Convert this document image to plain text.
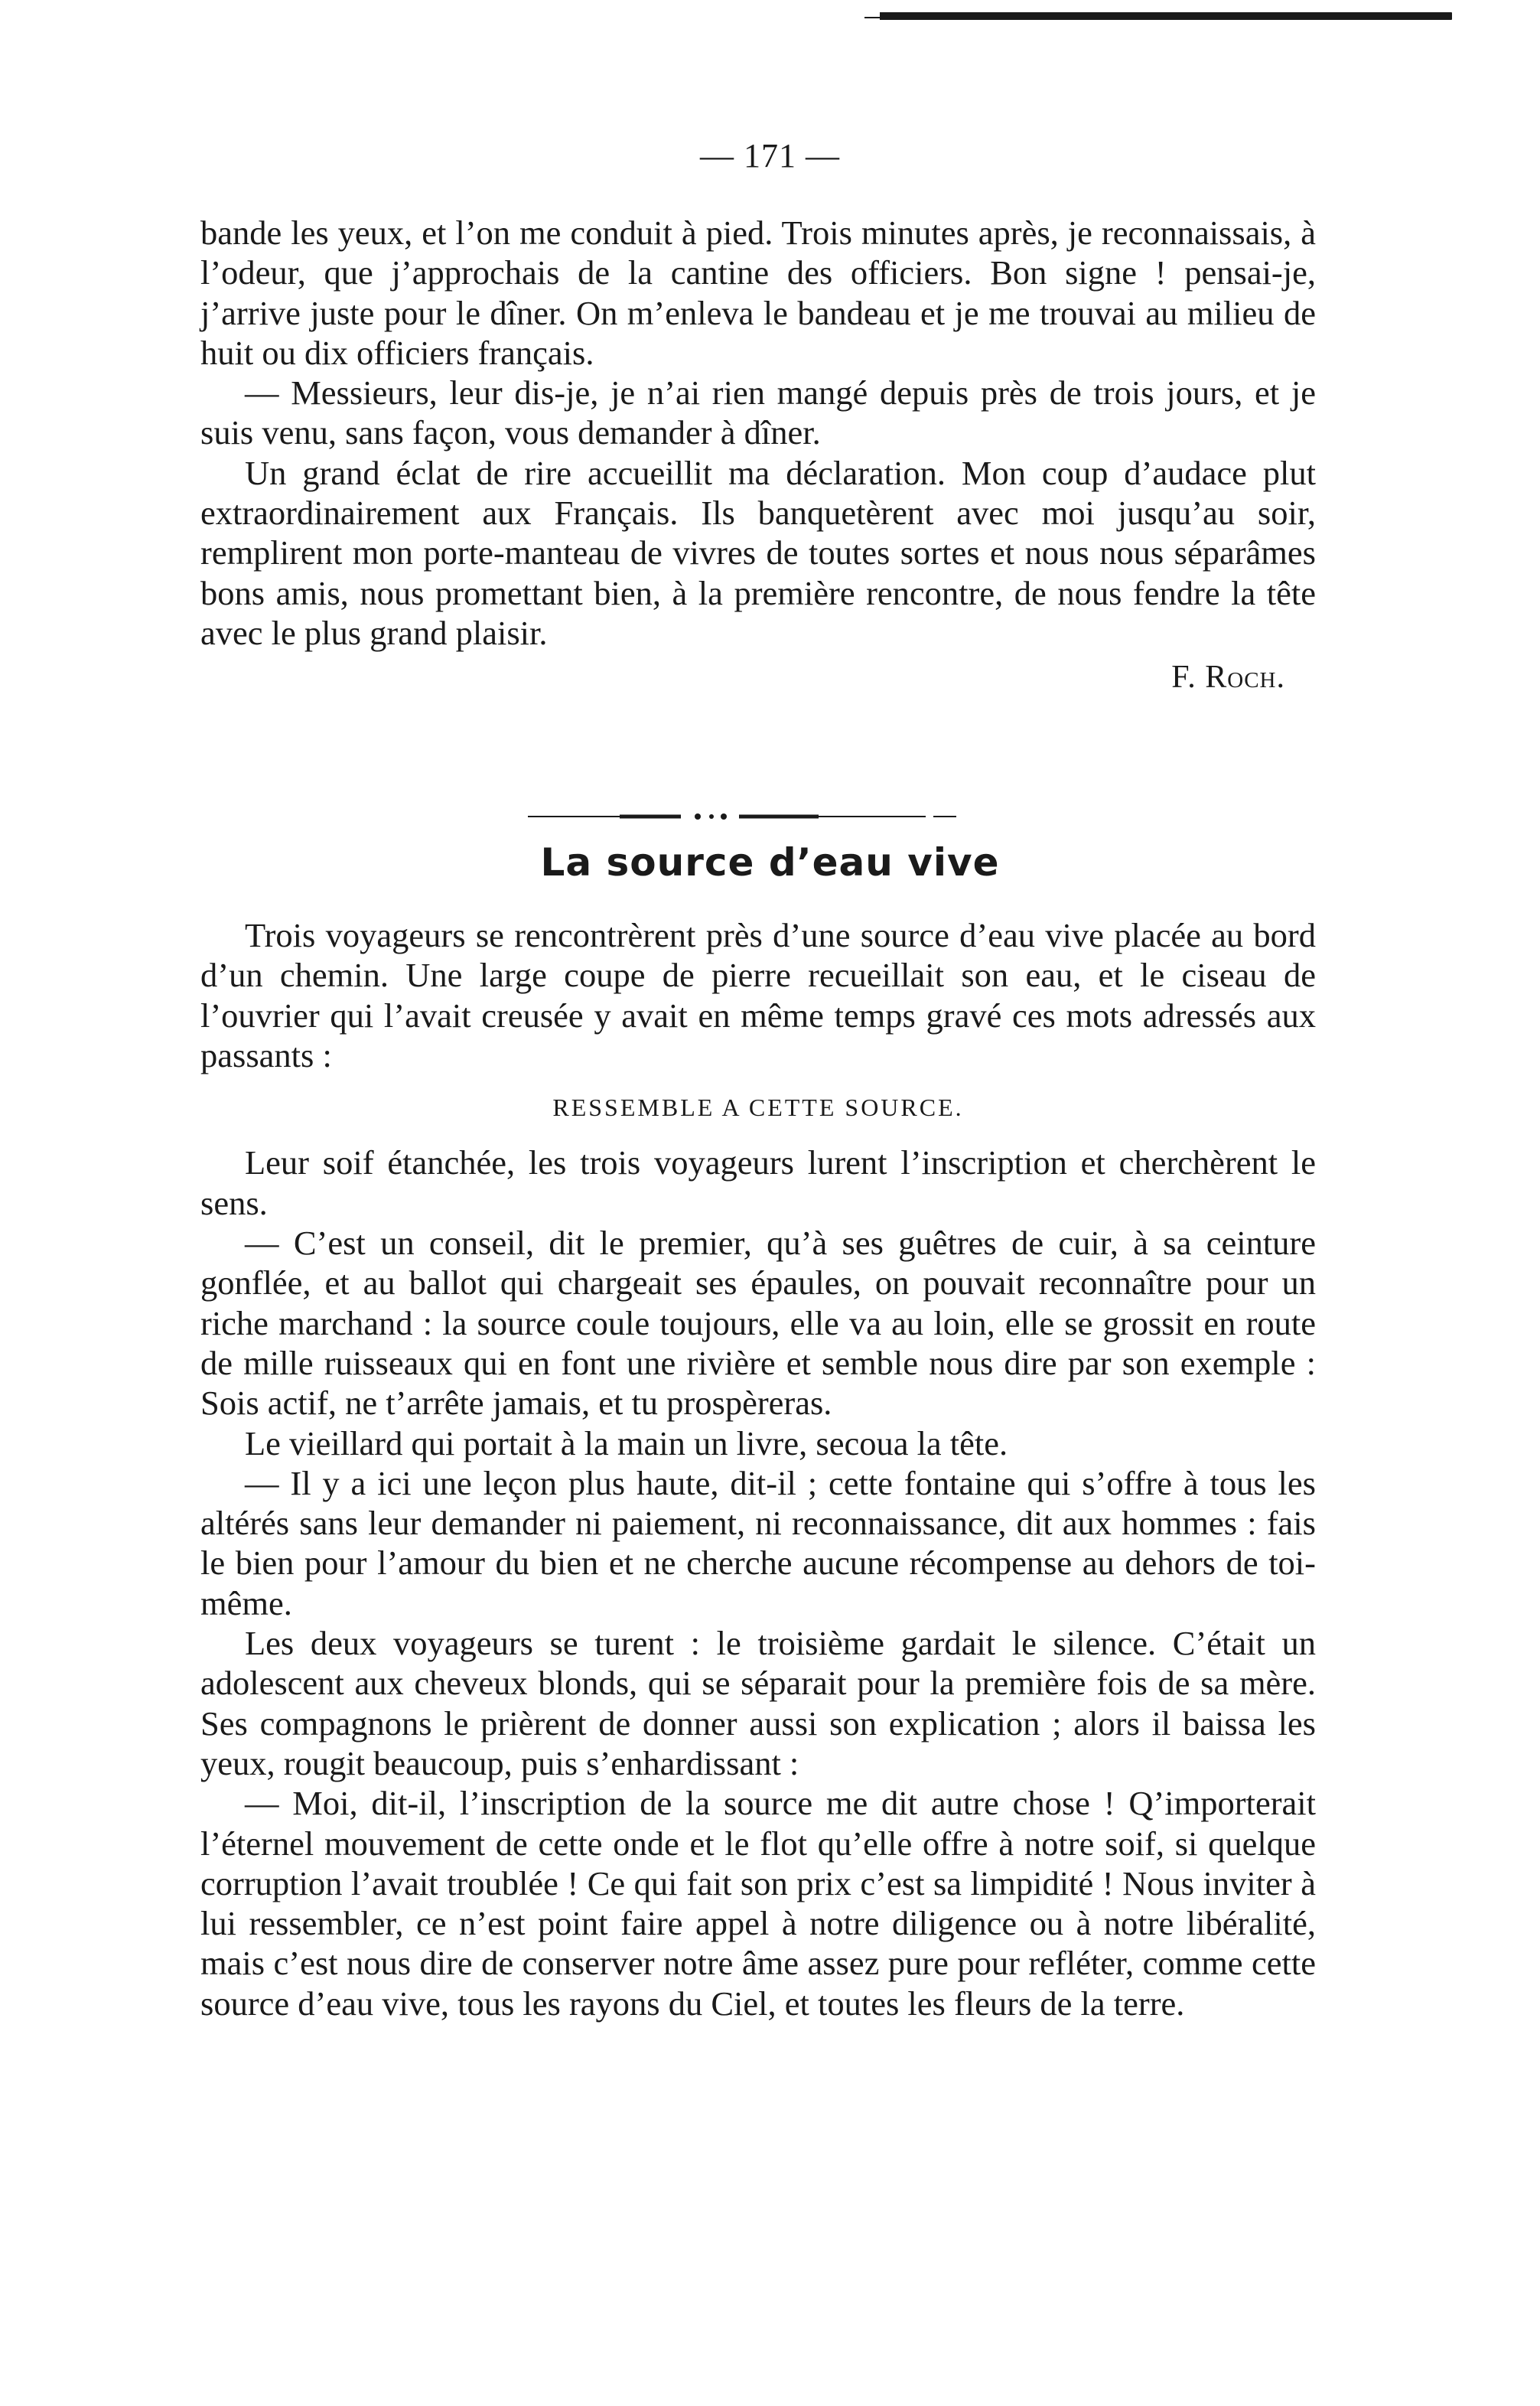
— 171 —

bande les yeux, et l’on me conduit à pied. Trois minutes après, je reconnaissais, à l’odeur, que j’approchais de la cantine des officiers. Bon signe ! pensai-je, j’arrive juste pour le dîner. On m’enleva le bandeau et je me trouvai au milieu de huit ou dix officiers français.

— Messieurs, leur dis-je, je n’ai rien mangé depuis près de trois jours, et je suis venu, sans façon, vous demander à dîner.

Un grand éclat de rire accueillit ma déclaration. Mon coup d’audace plut extraordinairement aux Français. Ils banquetèrent avec moi jusqu’au soir, remplirent mon porte-manteau de vivres de toutes sortes et nous nous séparâmes bons amis, nous promettant bien, à la première rencontre, de nous fendre la tête avec le plus grand plaisir.

F. Roch.

La source d’eau vive

Trois voyageurs se rencontrèrent près d’une source d’eau vive placée au bord d’un chemin. Une large coupe de pierre recueillait son eau, et le ciseau de l’ouvrier qui l’avait creusée y avait en même temps gravé ces mots adressés aux passants :

RESSEMBLE A CETTE SOURCE.

Leur soif étanchée, les trois voyageurs lurent l’inscription et cherchèrent le sens.

— C’est un conseil, dit le premier, qu’à ses guêtres de cuir, à sa ceinture gonflée, et au ballot qui chargeait ses épaules, on pouvait reconnaître pour un riche marchand : la source coule toujours, elle va au loin, elle se grossit en route de mille ruisseaux qui en font une rivière et semble nous dire par son exemple : Sois actif, ne t’arrête jamais, et tu prospèreras.

Le vieillard qui portait à la main un livre, secoua la tête.

— Il y a ici une leçon plus haute, dit-il ; cette fontaine qui s’offre à tous les altérés sans leur demander ni paiement, ni reconnaissance, dit aux hommes : fais le bien pour l’amour du bien et ne cherche aucune récompense au dehors de toi-même.

Les deux voyageurs se turent : le troisième gardait le silence. C’était un adolescent aux cheveux blonds, qui se séparait pour la première fois de sa mère. Ses compagnons le prièrent de donner aussi son explication ; alors il baissa les yeux, rougit beaucoup, puis s’enhardissant :

— Moi, dit-il, l’inscription de la source me dit autre chose ! Q’importerait l’éternel mouvement de cette onde et le flot qu’elle offre à notre soif, si quelque corruption l’avait troublée ! Ce qui fait son prix c’est sa limpidité ! Nous inviter à lui ressembler, ce n’est point faire appel à notre diligence ou à notre libéralité, mais c’est nous dire de conserver notre âme assez pure pour refléter, comme cette source d’eau vive, tous les rayons du Ciel, et toutes les fleurs de la terre.
